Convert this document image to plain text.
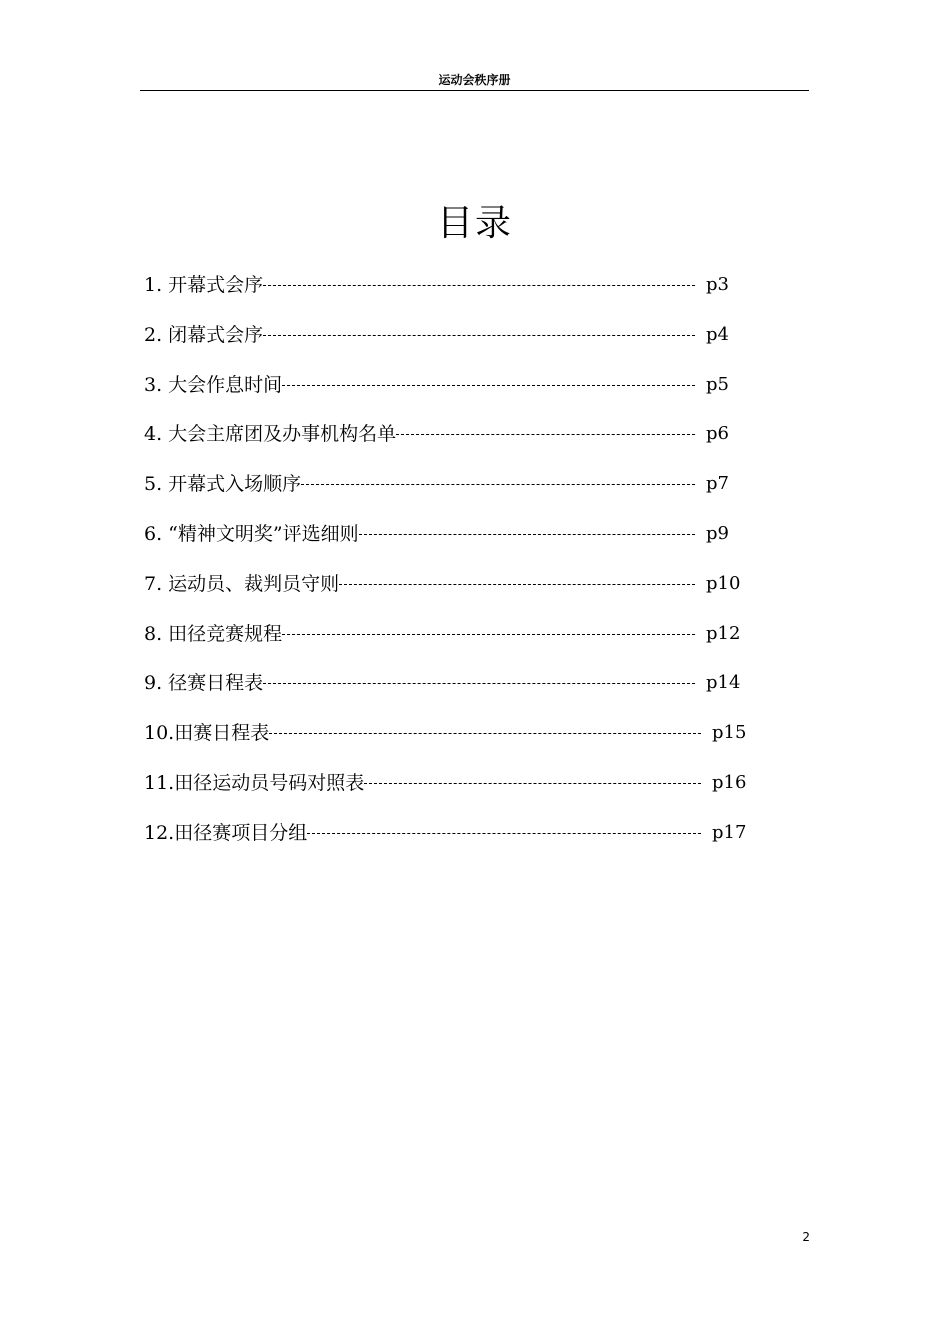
运动会秩序册
目录
1. 开幕式会序	p3
2. 闭幕式会序	p4
3. 大会作息时间	p5
4. 大会主席团及办事机构名单	p6
5. 开幕式入场顺序	p7
6. “精神文明奖”评选细则	p9
7. 运动员、裁判员守则	p10
8. 田径竞赛规程	p12
9. 径赛日程表	p14
10.田赛日程表	p15
11.田径运动员号码对照表	p16
12.田径赛项目分组	p17
2
